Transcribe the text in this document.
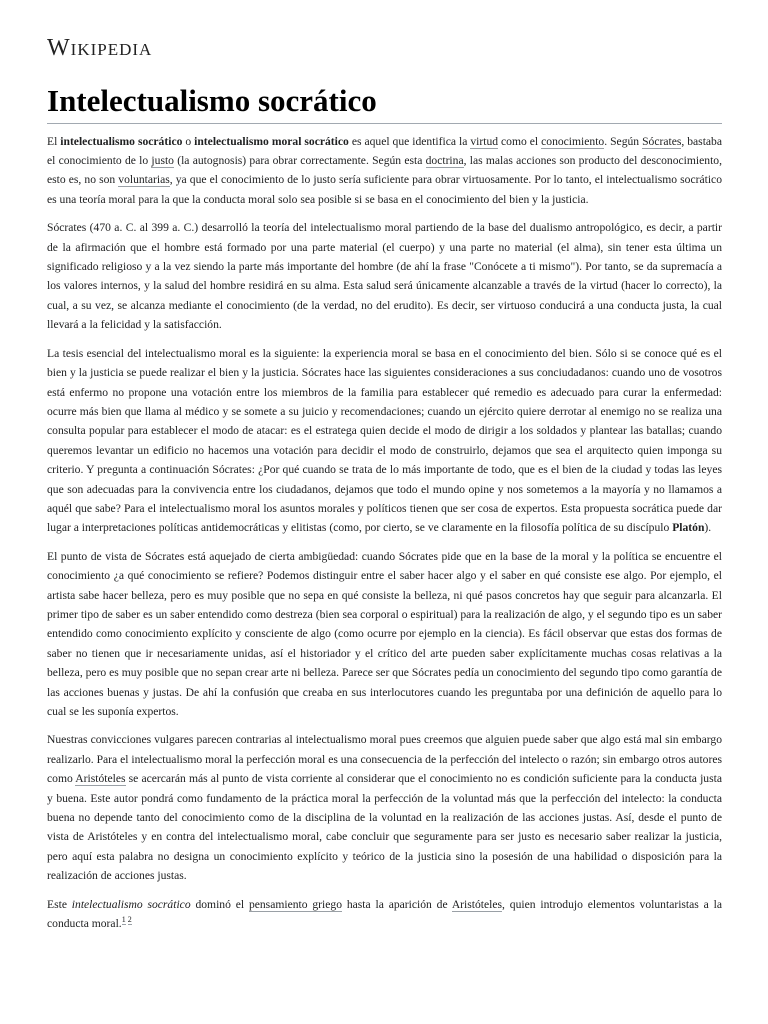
Wikipedia
Intelectualismo socrático

El intelectualismo socrático o intelectualismo moral socrático es aquel que identifica la virtud como el conocimiento. Según Sócrates, bastaba el conocimiento de lo justo (la autognosis) para obrar correctamente. Según esta doctrina, las malas acciones son producto del desconocimiento, esto es, no son voluntarias, ya que el conocimiento de lo justo sería suficiente para obrar virtuosamente. Por lo tanto, el intelectualismo socrático es una teoría moral para la que la conducta moral solo sea posible si se basa en el conocimiento del bien y la justicia.

Sócrates (470 a. C. al 399 a. C.) desarrolló la teoría del intelectualismo moral partiendo de la base del dualismo antropológico, es decir, a partir de la afirmación que el hombre está formado por una parte material (el cuerpo) y una parte no material (el alma), sin tener esta última un significado religioso y a la vez siendo la parte más importante del hombre (de ahí la frase "Conócete a ti mismo"). Por tanto, se da supremacía a los valores internos, y la salud del hombre residirá en su alma. Esta salud será únicamente alcanzable a través de la virtud (hacer lo correcto), la cual, a su vez, se alcanza mediante el conocimiento (de la verdad, no del erudito). Es decir, ser virtuoso conducirá a una conducta justa, la cual llevará a la felicidad y la satisfacción.

La tesis esencial del intelectualismo moral es la siguiente: la experiencia moral se basa en el conocimiento del bien. Sólo si se conoce qué es el bien y la justicia se puede realizar el bien y la justicia. Sócrates hace las siguientes consideraciones a sus conciudadanos: cuando uno de vosotros está enfermo no propone una votación entre los miembros de la familia para establecer qué remedio es adecuado para curar la enfermedad: ocurre más bien que llama al médico y se somete a su juicio y recomendaciones; cuando un ejército quiere derrotar al enemigo no se realiza una consulta popular para establecer el modo de atacar: es el estratega quien decide el modo de dirigir a los soldados y plantear las batallas; cuando queremos levantar un edificio no hacemos una votación para decidir el modo de construirlo, dejamos que sea el arquitecto quien imponga su criterio. Y pregunta a continuación Sócrates: ¿Por qué cuando se trata de lo más importante de todo, que es el bien de la ciudad y todas las leyes que son adecuadas para la convivencia entre los ciudadanos, dejamos que todo el mundo opine y nos sometemos a la mayoría y no llamamos a aquél que sabe? Para el intelectualismo moral los asuntos morales y políticos tienen que ser cosa de expertos. Esta propuesta socrática puede dar lugar a interpretaciones políticas antidemocráticas y elitistas (como, por cierto, se ve claramente en la filosofía política de su discípulo Platón).

El punto de vista de Sócrates está aquejado de cierta ambigüedad: cuando Sócrates pide que en la base de la moral y la política se encuentre el conocimiento ¿a qué conocimiento se refiere? Podemos distinguir entre el saber hacer algo y el saber en qué consiste ese algo. Por ejemplo, el artista sabe hacer belleza, pero es muy posible que no sepa en qué consiste la belleza, ni qué pasos concretos hay que seguir para alcanzarla. El primer tipo de saber es un saber entendido como destreza (bien sea corporal o espiritual) para la realización de algo, y el segundo tipo es un saber entendido como conocimiento explícito y consciente de algo (como ocurre por ejemplo en la ciencia). Es fácil observar que estas dos formas de saber no tienen que ir necesariamente unidas, así el historiador y el crítico del arte pueden saber explícitamente muchas cosas relativas a la belleza, pero es muy posible que no sepan crear arte ni belleza. Parece ser que Sócrates pedía un conocimiento del segundo tipo como garantía de las acciones buenas y justas. De ahí la confusión que creaba en sus interlocutores cuando les preguntaba por una definición de aquello para lo cual se les suponía expertos.

Nuestras convicciones vulgares parecen contrarias al intelectualismo moral pues creemos que alguien puede saber que algo está mal sin embargo realizarlo. Para el intelectualismo moral la perfección moral es una consecuencia de la perfección del intelecto o razón; sin embargo otros autores como Aristóteles se acercarán más al punto de vista corriente al considerar que el conocimiento no es condición suficiente para la conducta justa y buena. Este autor pondrá como fundamento de la práctica moral la perfección de la voluntad más que la perfección del intelecto: la conducta buena no depende tanto del conocimiento como de la disciplina de la voluntad en la realización de las acciones justas. Así, desde el punto de vista de Aristóteles y en contra del intelectualismo moral, cabe concluir que seguramente para ser justo es necesario saber realizar la justicia, pero aquí esta palabra no designa un conocimiento explícito y teórico de la justicia sino la posesión de una habilidad o disposición para la realización de acciones justas.

Este intelectualismo socrático dominó el pensamiento griego hasta la aparición de Aristóteles, quien introdujo elementos voluntaristas a la conducta moral.$^{1 2}$
